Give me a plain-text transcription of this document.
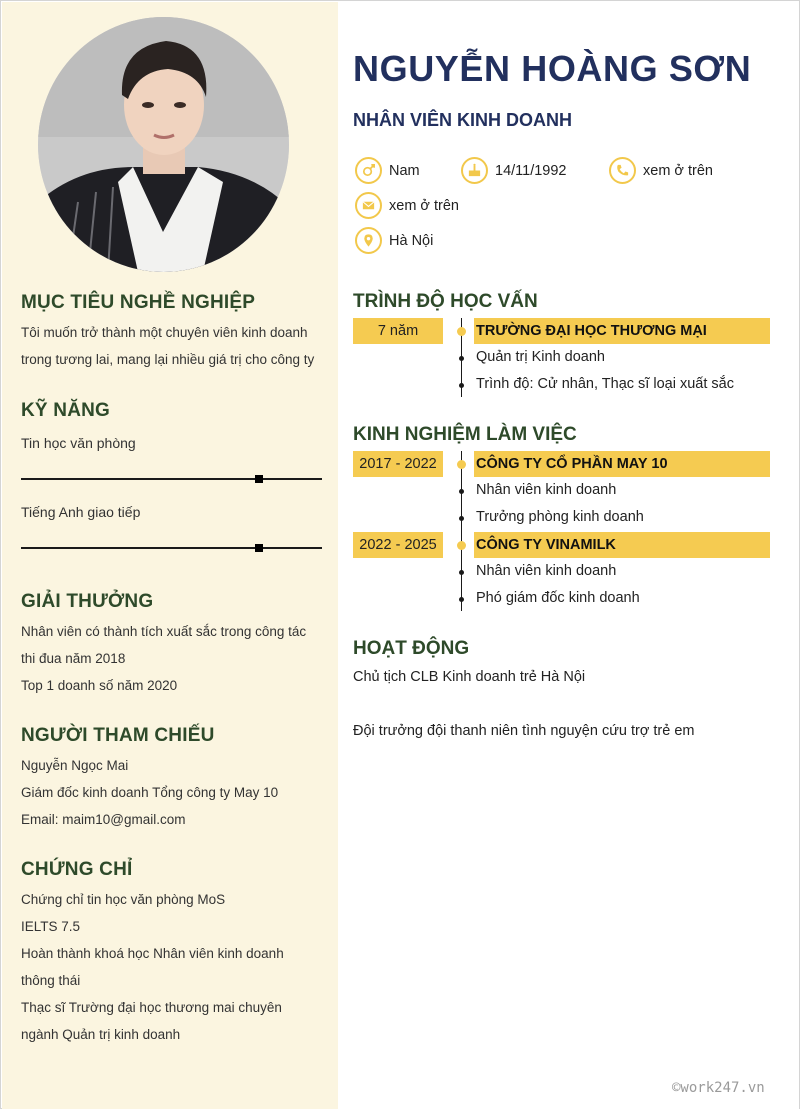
MỤC TIÊU NGHỀ NGHIỆP
Tôi muốn trở thành một chuyên viên kinh doanh
trong tương lai, mang lại nhiều giá trị cho công ty
KỸ NĂNG
Tin học văn phòng
Tiếng Anh giao tiếp
GIẢI THƯỞNG
Nhân viên có thành tích xuất sắc trong công tác
thi đua năm 2018
Top 1 doanh số năm 2020
NGƯỜI THAM CHIẾU
Nguyễn Ngọc Mai
Giám đốc kinh doanh Tổng công ty May 10
Email: maim10@gmail.com
CHỨNG CHỈ
Chứng chỉ tin học văn phòng MoS
IELTS 7.5
Hoàn thành khoá học Nhân viên kinh doanh
thông thái
Thạc sĩ Trường đại học thương mai chuyên
ngành Quản trị kinh doanh
NGUYỄN HOÀNG SƠN
NHÂN VIÊN KINH DOANH
Nam	14/11/1992	xem ở trên
xem ở trên
Hà Nội
TRÌNH ĐỘ HỌC VẤN
7 năm	TRƯỜNG ĐẠI HỌC THƯƠNG MẠI
Quản trị Kinh doanh
Trình độ: Cử nhân, Thạc sĩ loại xuất sắc
KINH NGHIỆM LÀM VIỆC
2017 - 2022	CÔNG TY CỔ PHẦN MAY 10
Nhân viên kinh doanh
Trưởng phòng kinh doanh
2022 - 2025	CÔNG TY VINAMILK
Nhân viên kinh doanh
Phó giám đốc kinh doanh
HOẠT ĐỘNG
Chủ tịch CLB Kinh doanh trẻ Hà Nội
Đội trưởng đội thanh niên tình nguyện cứu trợ trẻ em
©work247.vn
